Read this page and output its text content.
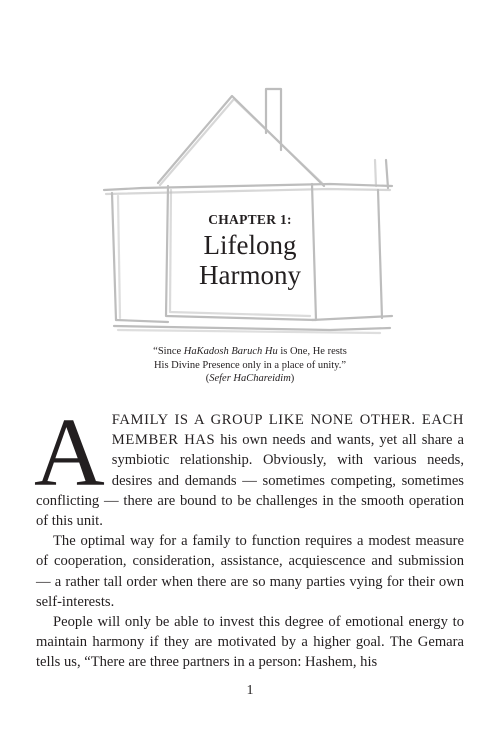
CHAPTER 1:

Lifelong
Harmony

“Since HaKadosh Baruch Hu is One, He rests His Divine Presence only in a place of unity.” (Sefer HaChareidim)

AFAMILY IS A GROUP LIKE NONE OTHER. EACH MEMBER HAS his own needs and wants, yet all share a symbiotic relationship. Obviously, with various needs, desires and demands — sometimes competing, sometimes conflicting — there are bound to be challenges in the smooth operation of this unit.

The optimal way for a family to function requires a modest measure of cooperation, consideration, assistance, acquiescence and submission — a rather tall order when there are so many parties vying for their own self-interests.

People will only be able to invest this degree of emotional energy to maintain harmony if they are motivated by a higher goal. The Gemara tells us, “There are three partners in a person: Hashem, his

1
